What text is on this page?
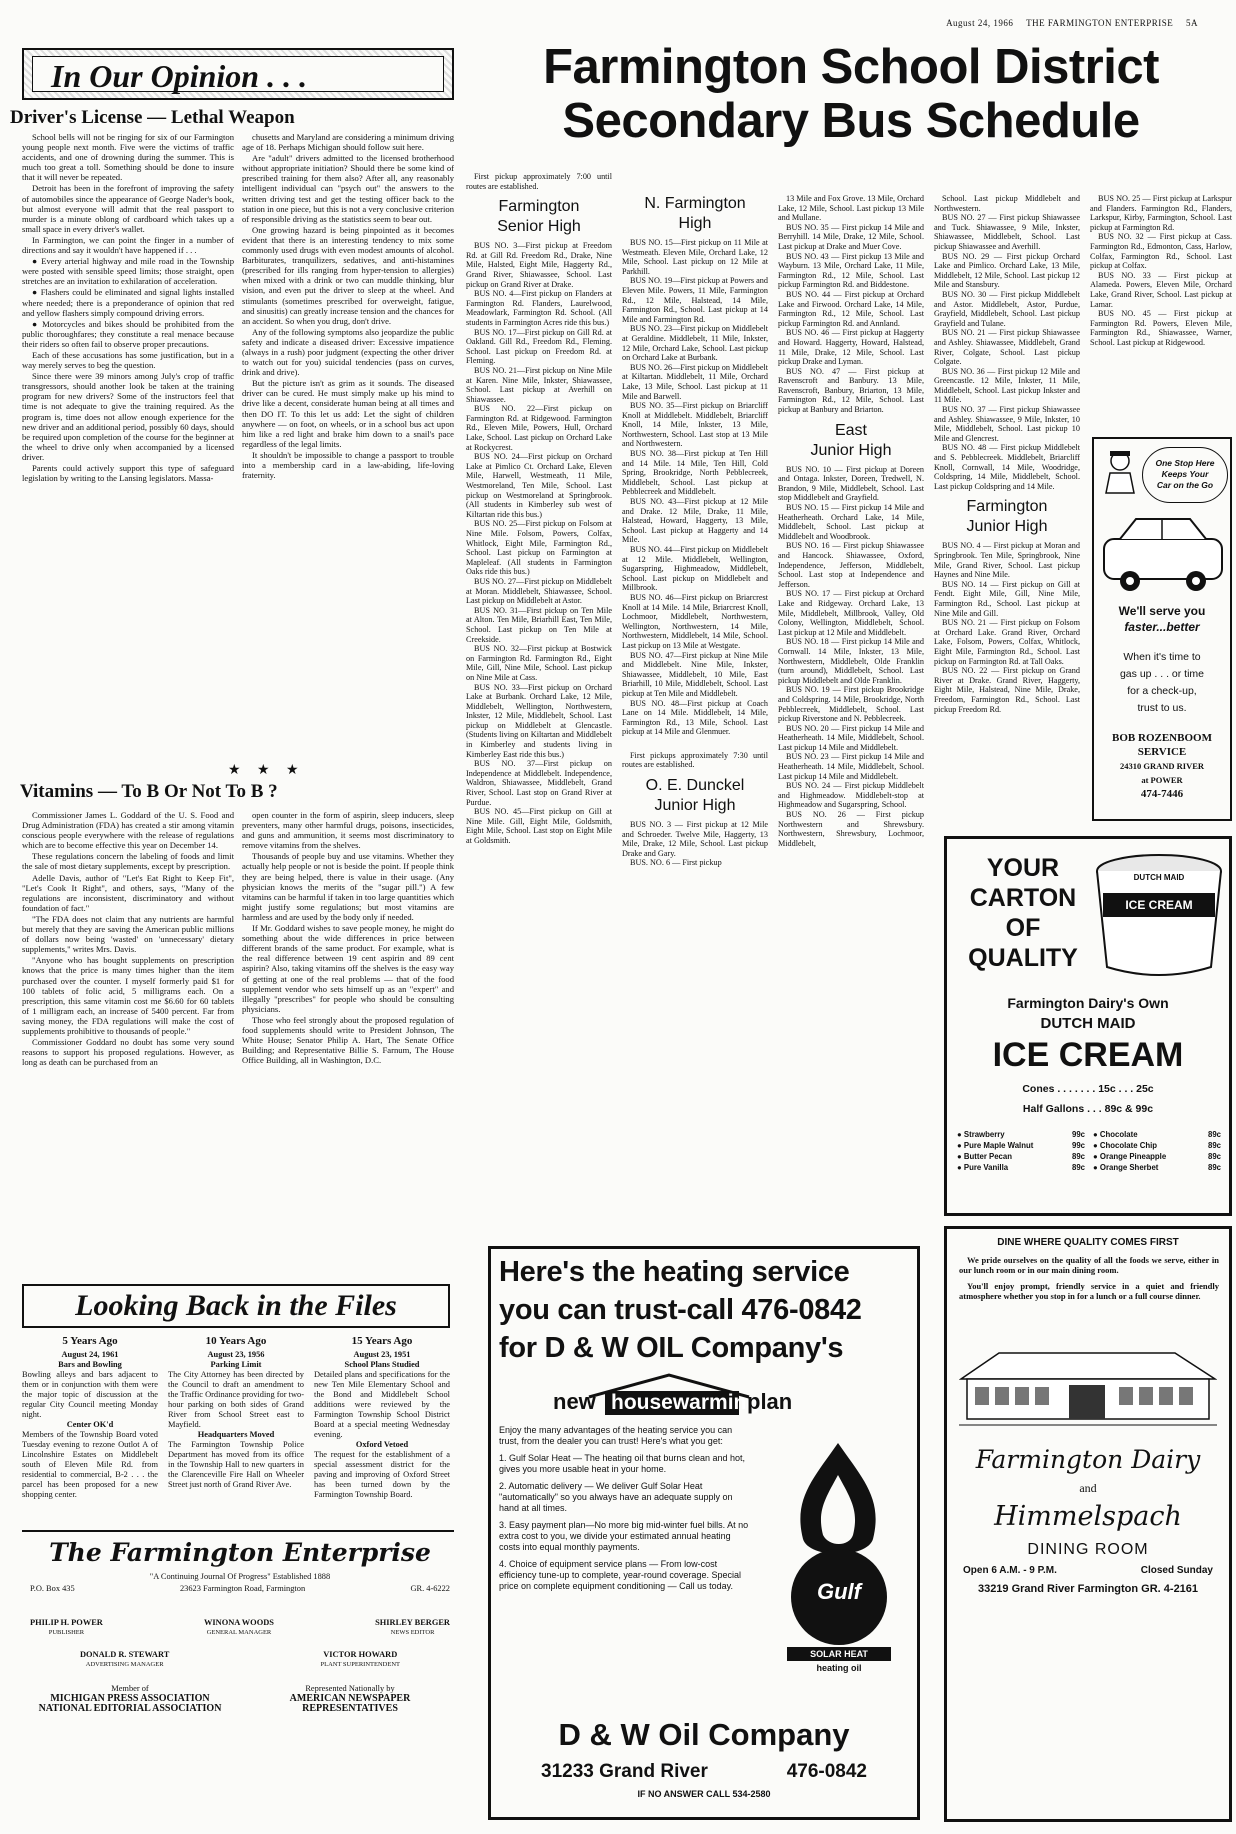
August 24, 1966 THE FARMINGTON ENTERPRISE 5A
In Our Opinion . . .
Driver's License — Lethal Weapon

School bells will not be ringing for six of our Farmington young people next month. Five were the victims of traffic accidents, and one of drowning during the summer. This is much too great a toll. Something should be done to insure that it will never be repeated.

Detroit has been in the forefront of improving the safety of automobiles since the appearance of George Nader's book, but almost everyone will admit that the real passport to murder is a minute oblong of cardboard which takes up a small space in every driver's wallet.

In Farmington, we can point the finger in a number of directions and say it wouldn't have happened if . . .

● Every arterial highway and mile road in the Township were posted with sensible speed limits; those straight, open stretches are an invitation to exhilaration of acceleration.

● Flashers could be eliminated and signal lights installed where needed; there is a preponderance of opinion that red and yellow flashers simply compound driving errors.

● Motorcycles and bikes should be prohibited from the public thoroughfares; they constitute a real menace because their riders so often fail to observe proper precautions.

Each of these accusations has some justification, but in a way merely serves to beg the question.

Since there were 39 minors among July's crop of traffic transgressors, should another look be taken at the training program for new drivers? Some of the instructors feel that time is not adequate to give the training required. As the program is, time does not allow enough experience for the new driver and an additional period, possibly 60 days, should be required upon completion of the course for the beginner at the wheel to drive only when accompanied by a licensed driver.

Parents could actively support this type of safeguard legislation by writing to the Lansing legislators. Massa-

chusetts and Maryland are considering a minimum driving age of 18. Perhaps Michigan should follow suit here.

Are "adult" drivers admitted to the licensed brotherhood without appropriate initiation? Should there be some kind of prescribed training for them also? After all, any reasonably intelligent individual can "psych out" the answers to the written driving test and get the testing officer back to the station in one piece, but this is not a very conclusive criterion of responsible driving as the statistics seem to bear out.

One growing hazard is being pinpointed as it becomes evident that there is an interesting tendency to mix some commonly used drugs with even modest amounts of alcohol. Barbiturates, tranquilizers, sedatives, and anti-histamines (prescribed for ills ranging from hyper-tension to allergies) when mixed with a drink or two can muddle thinking, blur vision, and even put the driver to sleep at the wheel. And stimulants (sometimes prescribed for overweight, fatigue, and sinusitis) can greatly increase tension and the chances for an accident. So when you drug, don't drive.

Any of the following symptoms also jeopardize the public safety and indicate a diseased driver: Excessive impatience (always in a rush) poor judgment (expecting the other driver to watch out for you) suicidal tendencies (pass on curves, drink and drive).

But the picture isn't as grim as it sounds. The diseased driver can be cured. He must simply make up his mind to drive like a decent, considerate human being at all times and then DO IT. To this let us add: Let the sight of children anywhere — on foot, on wheels, or in a school bus act upon him like a red light and brake him down to a snail's pace regardless of the legal limits.

It shouldn't be impossible to change a passport to trouble into a membership card in a law-abiding, life-loving fraternity.

★ ★ ★
Vitamins — To B Or Not To B ?

Commissioner James L. Goddard of the U. S. Food and Drug Administration (FDA) has created a stir among vitamin conscious people everywhere with the release of regulations which are to become effective this year on December 14.

These regulations concern the labeling of foods and limit the sale of most dietary supplements, except by prescription.

Adelle Davis, author of "Let's Eat Right to Keep Fit", "Let's Cook It Right", and others, says, "Many of the regulations are inconsistent, discriminatory and without foundation of fact."

"The FDA does not claim that any nutrients are harmful but merely that they are saving the American public millions of dollars now being 'wasted' on 'unnecessary' dietary supplements," writes Mrs. Davis.

"Anyone who has bought supplements on prescription knows that the price is many times higher than the item purchased over the counter. I myself formerly paid $1 for 100 tablets of folic acid, 5 milligrams each. On a prescription, this same vitamin cost me $6.60 for 60 tablets of 1 milligram each, an increase of 5400 percent. Far from saving money, the FDA regulations will make the cost of supplements prohibitive to thousands of people."

Commissioner Goddard no doubt has some very sound reasons to support his proposed regulations. However, as long as death can be purchased from an

open counter in the form of aspirin, sleep inducers, sleep preventers, many other harmful drugs, poisons, insecticides, and guns and ammunition, it seems most discriminatory to remove vitamins from the shelves.

Thousands of people buy and use vitamins. Whether they actually help people or not is beside the point. If people think they are being helped, there is value in their usage. (Any physician knows the merits of the "sugar pill.") A few vitamins can be harmful if taken in too large quantities which might justify some regulations; but most vitamins are harmless and are used by the body only if needed.

If Mr. Goddard wishes to save people money, he might do something about the wide differences in price between different brands of the same product. For example, what is the real difference between 19 cent aspirin and 89 cent aspirin? Also, taking vitamins off the shelves is the easy way of getting at one of the real problems — that of the food supplement vendor who sets himself up as an "expert" and illegally "prescribes" for people who should be consulting physicians.

Those who feel strongly about the proposed regulation of food supplements should write to President Johnson, The White House; Senator Philip A. Hart, The Senate Office Building; and Representative Billie S. Farnum, The House Office Building, all in Washington, D.C.

Looking Back in the Files
5 Years Ago
August 24, 1961
Bars and Bowling

Bowling alleys and bars adjacent to them or in conjunction with them were the major topic of discussion at the regular City Council meeting Monday night.

Center OK'd

Members of the Township Board voted Tuesday evening to rezone Outlot A of Lincolnshire Estates on Middlebelt south of Eleven Mile Rd. from residential to commercial, B-2 . . . the parcel has been proposed for a new shopping center.

10 Years Ago
August 23, 1956
Parking Limit

The City Attorney has been directed by the Council to draft an amendment to the Traffic Ordinance providing for two-hour parking on both sides of Grand River from School Street east to Mayfield.

Headquarters Moved

The Farmington Township Police Department has moved from its office in the Township Hall to new quarters in the Clarenceville Fire Hall on Wheeler Street just north of Grand River Ave.

15 Years Ago
August 23, 1951
School Plans Studied

Detailed plans and specifications for the new Ten Mile Elementary School and the Bond and Middlebelt School additions were reviewed by the Farmington Township School District Board at a special meeting Wednesday evening.

Oxford Vetoed

The request for the establishment of a special assessment district for the paving and improving of Oxford Street has been turned down by the Farmington Township Board.

The Farmington Enterprise
"A Continuing Journal Of Progress" Established 1888
P.O. Box 435	23623 Farmington Road, Farmington	GR. 4-6222
PHILIP H. POWER
PUBLISHER
WINONA WOODS
GENERAL MANAGER
SHIRLEY BERGER
NEWS EDITOR
DONALD R. STEWART
ADVERTISING MANAGER
VICTOR HOWARD
PLANT SUPERINTENDENT
Member of
MICHIGAN PRESS ASSOCIATION
NATIONAL EDITORIAL ASSOCIATION
Represented Nationally by
AMERICAN NEWSPAPER
REPRESENTATIVES
Farmington School District
Secondary Bus Schedule

First pickup approximately 7:00 until routes are established.

Farmington
Senior High

BUS NO. 3—First pickup at Freedom Rd. at Gill Rd. Freedom Rd., Drake, Nine Mile, Halsted, Eight Mile, Haggerty Rd., Grand River, Shiawassee, School. Last pickup on Grand River at Drake.

BUS NO. 4—First pickup on Flanders at Farmington Rd. Flanders, Laurelwood, Meadowlark, Farmington Rd. School. (All students in Farmington Acres ride this bus.)

BUS NO. 17—First pickup on Gill Rd. at Oakland. Gill Rd., Freedom Rd., Fleming. School. Last pickup on Freedom Rd. at Fleming.

BUS NO. 21—First pickup on Nine Mile at Karen. Nine Mile, Inkster, Shiawassee, School. Last pickup at Averhill on Shiawassee.

BUS NO. 22—First pickup on Farmington Rd. at Ridgewood. Farmington Rd., Eleven Mile, Powers, Hull, Orchard Lake, School. Last pickup on Orchard Lake at Rockycrest.

BUS NO. 24—First pickup on Orchard Lake at Pimlico Ct. Orchard Lake, Eleven Mile, Harwell, Westmeath, 11 Mile, Westmoreland, Ten Mile, School. Last pickup on Westmoreland at Springbrook. (All students in Kimberley sub west of Kiltartan ride this bus.)

BUS NO. 25—First pickup on Folsom at Nine Mile. Folsom, Powers, Colfax, Whitlock, Eight Mile, Farmington Rd., School. Last pickup on Farmington at Mapleleaf. (All students in Farmington Oaks ride this bus.)

BUS NO. 27—First pickup on Middlebelt at Moran. Middlebelt, Shiawassee, School. Last pickup on Middlebelt at Astor.

BUS NO. 31—First pickup on Ten Mile at Alton. Ten Mile, Briarhill East, Ten Mile, School. Last pickup on Ten Mile at Creekside.

BUS NO. 32—First pickup at Bostwick on Farmington Rd. Farmington Rd., Eight Mile, Gill, Nine Mile, School. Last pickup on Nine Mile at Cass.

BUS NO. 33—First pickup on Orchard Lake at Burbank. Orchard Lake, 12 Mile, Middlebelt, Wellington, Northwestern, Inkster, 12 Mile, Middlebelt, School. Last pickup on Middlebelt at Glencastle. (Students living on Kiltartan and Middlebelt in Kimberley and students living in Kimberley East ride this bus.)

BUS NO. 37—First pickup on Independence at Middlebelt. Independence, Waldron, Shiawassee, Middlebelt, Grand River, School. Last stop on Grand River at Purdue.

BUS NO. 45—First pickup on Gill at Nine Mile. Gill, Eight Mile, Goldsmith, Eight Mile, School. Last stop on Eight Mile at Goldsmith.

N. Farmington
High

BUS NO. 15—First pickup on 11 Mile at Westmeath. Eleven Mile, Orchard Lake, 12 Mile, School. Last pickup on 12 Mile at Parkhill.

BUS NO. 19—First pickup at Powers and Eleven Mile. Powers, 11 Mile, Farmington Rd., 12 Mile, Halstead, 14 Mile, Farmington Rd., School. Last pickup at 14 Mile and Farmington Rd.

BUS NO. 23—First pickup on Middlebelt at Geraldine. Middlebelt, 11 Mile, Inkster, 12 Mile, Orchard Lake, School. Last pickup on Orchard Lake at Burbank.

BUS NO. 26—First pickup on Middlebelt at Kiltartan. Middlebelt, 11 Mile, Orchard Lake, 13 Mile, School. Last pickup at 11 Mile and Barwell.

BUS NO. 35—First pickup on Briarcliff Knoll at Middlebelt. Middlebelt, Briarcliff Knoll, 14 Mile, Inkster, 13 Mile, Northwestern, School. Last stop at 13 Mile and Northwestern.

BUS NO. 38—First pickup at Ten Hill and 14 Mile. 14 Mile, Ten Hill, Cold Spring, Brookridge, North Pebblecreek, Middlebelt, School. Last pickup at Pebblecreek and Middlebelt.

BUS NO. 43—First pickup at 12 Mile and Drake. 12 Mile, Drake, 11 Mile, Halstead, Howard, Haggerty, 13 Mile, School. Last pickup at Haggerty and 14 Mile.

BUS NO. 44—First pickup on Middlebelt at 12 Mile. Middlebelt, Wellington, Sugarspring, Highmeadow, Middlebelt, School. Last pickup on Middlebelt and Millbrook.

BUS NO. 46—First pickup on Briarcrest Knoll at 14 Mile. 14 Mile, Briarcrest Knoll, Lochmoor, Middlebelt, Northwestern, Wellington, Northwestern, 14 Mile, Northwestern, Middlebelt, 14 Mile, School. Last pickup on 13 Mile at Westgate.

BUS NO. 47—First pickup at Nine Mile and Middlebelt. Nine Mile, Inkster, Shiawassee, Middlebelt, 10 Mile, East Briarhill, 10 Mile, Middlebelt, School. Last pickup at Ten Mile and Middlebelt.

BUS NO. 48—First pickup at Coach Lane on 14 Mile. Middlebelt, 14 Mile, Farmington Rd., 13 Mile, School. Last pickup at 14 Mile and Glenmuer.

First pickups approximately 7:30 until routes are established.

O. E. Dunckel
Junior High

BUS NO. 3 — First pickup at 12 Mile and Schroeder. Twelve Mile, Haggerty, 13 Mile, Drake, 12 Mile, School. Last pickup Drake and Gary.

BUS. NO. 6 — First pickup

13 Mile and Fox Grove. 13 Mile, Orchard Lake, 12 Mile, School. Last pickup 13 Mile and Mullane.

BUS NO. 35 — First pickup 14 Mile and Berryhill. 14 Mile, Drake, 12 Mile, School. Last pickup at Drake and Muer Cove.

BUS NO. 43 — First pickup 13 Mile and Wayburn. 13 Mile, Orchard Lake, 11 Mile, Farmington Rd., 12 Mile, School. Last pickup Farmington Rd. and Biddestone.

BUS NO. 44 — First pickup at Orchard Lake and Firwood. Orchard Lake, 14 Mile, Farmington Rd., 12 Mile, School. Last pickup Farmington Rd. and Annland.

BUS NO. 46 — First pickup at Haggerty and Howard. Haggerty, Howard, Halstead, 11 Mile, Drake, 12 Mile, School. Last pickup Drake and Lyman.

BUS NO. 47 — First pickup at Ravenscroft and Banbury. 13 Mile, Ravenscroft, Banbury, Briarton, 13 Mile, Farmington Rd., 12 Mile, School. Last pickup at Banbury and Briarton.

East
Junior High

BUS NO. 10 — First pickup at Doreen and Ontaga. Inkster, Doreen, Tredwell, N. Brandon, 9 Mile, Middlebelt, School. Last stop Middlebelt and Grayfield.

BUS NO. 15 — First pickup 14 Mile and Heatherheath. Orchard Lake, 14 Mile, Middlebelt, School. Last pickup at Middlebelt and Woodbrook.

BUS NO. 16 — First pickup Shiawassee and Hancock. Shiawassee, Oxford, Independence, Jefferson, Middlebelt, School. Last stop at Independence and Jefferson.

BUS NO. 17 — First pickup at Orchard Lake and Ridgeway. Orchard Lake, 13 Mile, Middlebelt, Millbrook, Valley, Old Colony, Wellington, Middlebelt, School. Last pickup at 12 Mile and Middlebelt.

BUS NO. 18 — First pickup 14 Mile and Cornwall. 14 Mile, Inkster, 13 Mile, Northwestern, Middlebelt, Olde Franklin (turn around), Middlebelt, School. Last pickup Middlebelt and Olde Franklin.

BUS NO. 19 — First pickup Brookridge and Coldspring. 14 Mile, Brookridge, North Pebblecreek, Middlebelt, School. Last pickup Riverstone and N. Pebblecreek.

BUS NO. 20 — First pickup 14 Mile and Heatherheath. 14 Mile, Middlebelt, School. Last pickup 14 Mile and Middlebelt.

BUS NO. 23 — First pickup 14 Mile and Heatherheath. 14 Mile, Middlebelt, School. Last pickup 14 Mile and Middlebelt.

BUS NO. 24 — First pickup Middlebelt and Highmeadow. Middlebelt-stop at Highmeadow and Sugarspring, School.

BUS NO. 26 — First pickup Northwestern and Shrewsbury. Northwestern, Shrewsbury, Lochmoor, Middlebelt,

School. Last pickup Middlebelt and Northwestern.

BUS NO. 27 — First pickup Shiawassee and Tuck. Shiawassee, 9 Mile, Inkster, Shiawassee, Middlebelt, School. Last pickup Shiawassee and Averhill.

BUS NO. 29 — First pickup Orchard Lake and Pimlico. Orchard Lake, 13 Mile, Middlebelt, 12 Mile, School. Last pickup 12 Mile and Stansbury.

BUS NO. 30 — First pickup Middlebelt and Astor. Middlebelt, Astor, Purdue, Grayfield, Middlebelt, School. Last pickup Grayfield and Tulane.

BUS NO. 21 — First pickup Shiawassee and Ashley. Shiawassee, Middlebelt, Grand River, Colgate, School. Last pickup Colgate.

BUS NO. 36 — First pickup 12 Mile and Greencastle. 12 Mile, Inkster, 11 Mile, Middlebelt, School. Last pickup Inkster and 11 Mile.

BUS NO. 37 — First pickup Shiawassee and Ashley. Shiawassee, 9 Mile, Inkster, 10 Mile, Middlebelt, School. Last pickup 10 Mile and Glencrest.

BUS NO. 48 — First pickup Middlebelt and S. Pebblecreek. Middlebelt, Briarcliff Knoll, Cornwall, 14 Mile, Woodridge, Coldspring, 14 Mile, Middlebelt, School. Last pickup Coldspring and 14 Mile.

Farmington
Junior High

BUS NO. 4 — First pickup at Moran and Springbrook. Ten Mile, Springbrook, Nine Mile, Grand River, School. Last pickup Haynes and Nine Mile.

BUS NO. 14 — First pickup on Gill at Fendt. Eight Mile, Gill, Nine Mile, Farmington Rd., School. Last pickup at Nine Mile and Gill.

BUS NO. 21 — First pickup on Folsom at Orchard Lake. Grand River, Orchard Lake, Folsom, Powers, Colfax, Whitlock, Eight Mile, Farmington Rd., School. Last pickup on Farmington Rd. at Tall Oaks.

BUS NO. 22 — First pickup on Grand River at Drake. Grand River, Haggerty, Eight Mile, Halstead, Nine Mile, Drake, Freedom, Farmington Rd., School. Last pickup Freedom Rd.

BUS NO. 25 — First pickup at Larkspur and Flanders. Farmington Rd., Flanders, Larkspur, Kirby, Farmington, School. Last pickup at Farmington Rd.

BUS NO. 32 — First pickup at Cass. Farmington Rd., Edmonton, Cass, Harlow, Colfax, Farmington Rd., School. Last pickup at Colfax.

BUS NO. 33 — First pickup at Alameda. Powers, Eleven Mile, Orchard Lake, Grand River, School. Last pickup at Lamar.

BUS NO. 45 — First pickup at Farmington Rd. Powers, Eleven Mile, Farmington Rd., Shiawassee, Warner, School. Last pickup at Ridgewood.

One Stop Here
Keeps Your
Car on the Go
We'll serve you
faster...better
When it's time to
gas up . . . or time
for a check-up,
trust to us.
BOB ROZENBOOM
SERVICE
24310 GRAND RIVER
at POWER
474-7446
YOUR
CARTON
OF
QUALITY
DUTCH MAID
ICE CREAM
Farmington Dairy's Own
DUTCH MAID
ICE CREAM
Cones . . . . . . . 15c . . . 25c
Half Gallons . . . 89c & 99c
● Strawberry	99c
● Pure Maple Walnut	99c
● Butter Pecan	89c
● Pure Vanilla	89c
● Chocolate	89c
● Chocolate Chip	89c
● Orange Pineapple	89c
● Orange Sherbet	89c
DINE WHERE QUALITY COMES FIRST

We pride ourselves on the quality of all the foods we serve, either in our lunch room or in our main dining room.

You'll enjoy prompt, friendly service in a quiet and friendly atmosphere whether you stop in for a lunch or a full course dinner.

Farmington Dairy
and
Himmelspach
DINING ROOM
Open 6 A.M. - 9 P.M.	Closed Sunday
33219 Grand River Farmington GR. 4-2161
Here's the heating service
you can trust-call 476-0842
for D & W OIL Company's
new housewarming
plan
Enjoy the many advantages of the heating service you can trust, from the dealer you can trust! Here's what you get:

1. Gulf Solar Heat — The heating oil that burns clean and hot, gives you more usable heat in your home.

2. Automatic delivery — We deliver Gulf Solar Heat "automatically" so you always have an adequate supply on hand at all times.

3. Easy payment plan—No more big mid-winter fuel bills. At no extra cost to you, we divide your estimated annual heating costs into equal monthly payments.

4. Choice of equipment service plans — From low-cost efficiency tune-up to complete, year-round coverage. Special price on complete equipment conditioning — Call us today.	Gulf
SOLAR HEAT
heating oil
D & W Oil Company
31233 Grand River	476-0842
IF NO ANSWER CALL 534-2580
